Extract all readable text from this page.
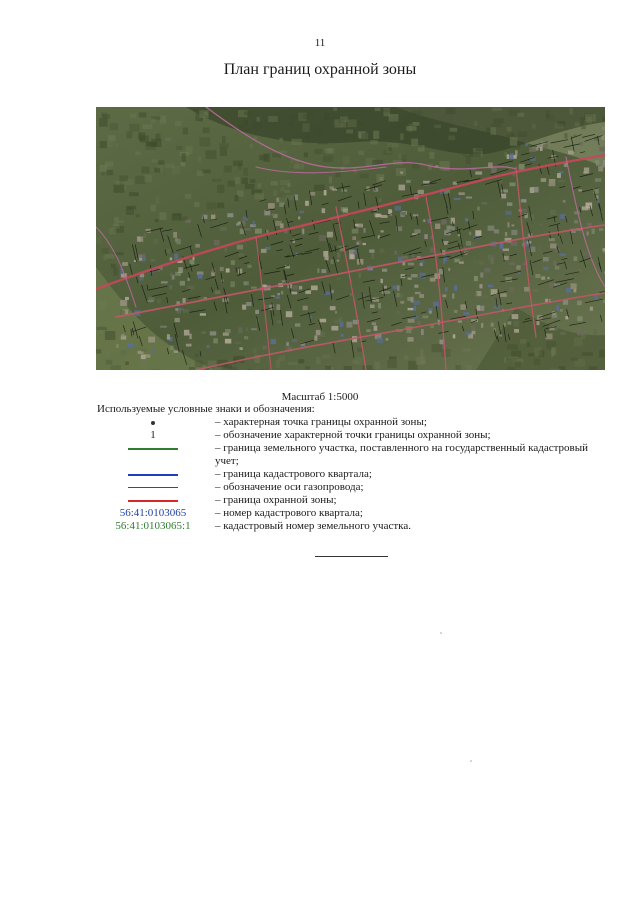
11
План границ охранной зоны
Масштаб 1:5000
Используемые условные знаки и обозначения:
– характерная точка границы охранной зоны;
1	– обозначение характерной точки границы охранной зоны;
– граница земельного участка, поставленного на государственный кадастровый учет;
– граница кадастрового квартала;
– обозначение оси газопровода;
– граница охранной зоны;
56:41:0103065	– номер кадастрового квартала;
56:41:0103065:1	– кадастровый номер земельного участка.
